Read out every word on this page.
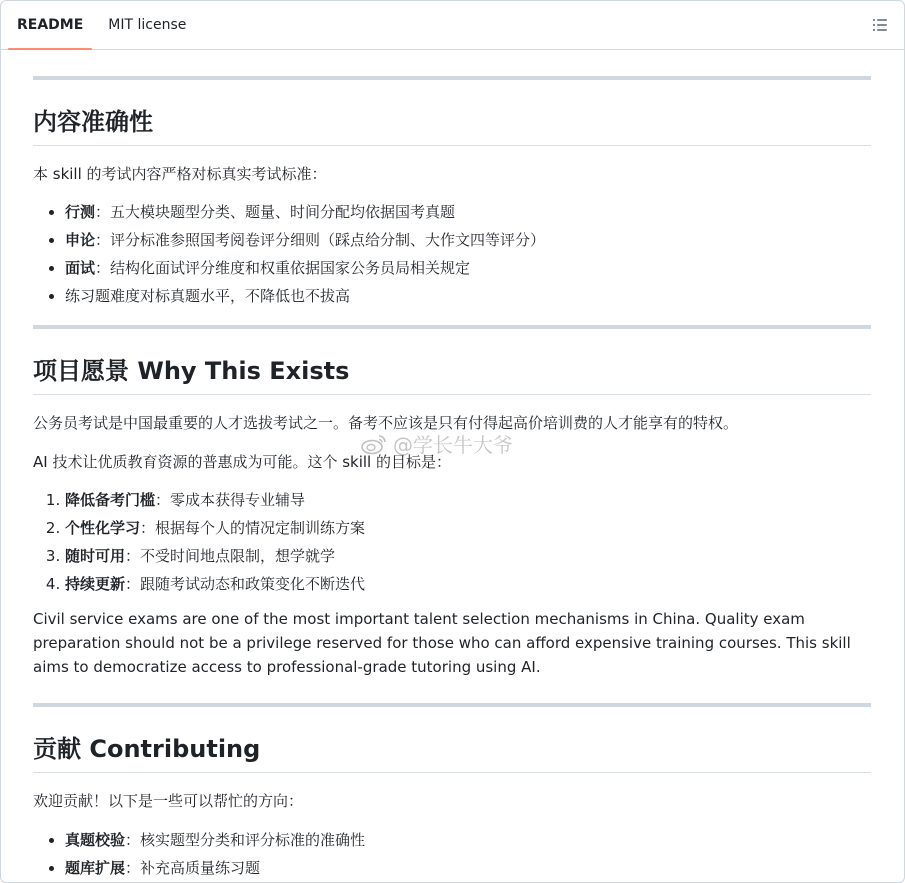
README	MIT license
内容准确性

本 skill 的考试内容严格对标真实考试标准：

• 行测：五大模块题型分类、题量、时间分配均依据国考真题
• 申论：评分标准参照国考阅卷评分细则（踩点给分制、大作文四等评分）
• 面试：结构化面试评分维度和权重依据国家公务员局相关规定
• 练习题难度对标真题水平，不降低也不拔高
项目愿景 Why This Exists

公务员考试是中国最重要的人才选拔考试之一。备考不应该是只有付得起高价培训费的人才能享有的特权。

AI 技术让优质教育资源的普惠成为可能。这个 skill 的目标是：

1. 降低备考门槛：零成本获得专业辅导
2. 个性化学习：根据每个人的情况定制训练方案
3. 随时可用：不受时间地点限制，想学就学
4. 持续更新：跟随考试动态和政策变化不断迭代

Civil service exams are one of the most important talent selection mechanisms in China. Quality exam preparation should not be a privilege reserved for those who can afford expensive training courses. This skill aims to democratize access to professional-grade tutoring using AI.

贡献 Contributing

欢迎贡献！以下是一些可以帮忙的方向：

• 真题校验：核实题型分类和评分标准的准确性
• 题库扩展：补充高质量练习题
@学长牛大爷
